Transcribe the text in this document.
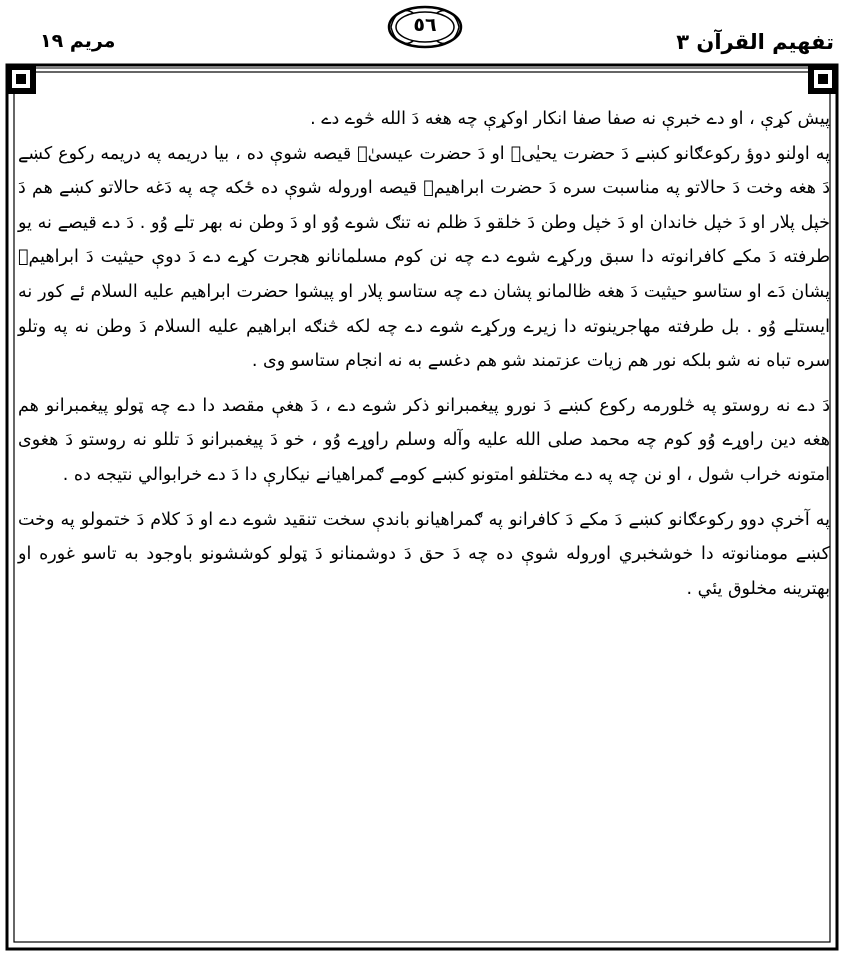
مریم ١٩
٥٦
تفهيم القرآن ٣

پیش کړې ، او دے خبرې نه صفا صفا انکار اوکړې چه هغه دَ الله څوے دے .

په اولنو دوؤ رکوعګانو کښے دَ حضرت یحیٰیؑ او دَ حضرت عیسیٰؑ قیصه شوې ده ، بیا دریمه په دریمه رکوع کښے دَ هغه وخت دَ حالاتو په مناسبت سره دَ حضرت ابراهیمؑ قیصه اوروله شوې ده ځکه چه په دَغه حالاتو کښے هم دَ خپل پلار او دَ خپل خاندان او دَ خپل وطن دَ خلقو دَ ظلم نه تنګ شوے وُو او دَ وطن نه بهر تلے وُو . دَ دے قیصے نه یو طرفته دَ مکے کافرانوته دا سبق ورکړے شوے دے چه نن کوم مسلمانانو هجرت کړے دے دَ دوې حیثیت دَ ابراهیمؑ پشان دَے او ستاسو حیثیت دَ هغه ظالمانو پشان دے چه ستاسو پلار او پیشوا حضرت ابراهیم علیه السلام ئے کور نه ایستلے وُو . بل طرفته مهاجرینوته دا زیرے ورکړے شوے دے چه لکه څنګه ابراهیم علیه السلام دَ وطن نه په وتلو سره تباه نه شو بلکه نور هم زیات عزتمند شو هم دغسے به نه انجام ستاسو وی .

دَ دے نه روستو په څلورمه رکوع کښے دَ نورو پیغمبرانو ذکر شوے دے ، دَ هغې مقصد دا دے چه ټولو پیغمبرانو هم هغه دین راوړے وُو کوم چه محمد صلی الله علیه وآله وسلم راوړے وُو ، خو دَ پیغمبرانو دَ تللو نه روستو دَ هغوی امتونه خراب شول ، او نن چه په دے مختلفو امتونو کښے کومے ګمراهیانے نیکارې دا دَ دے خرابوالي نتیجه ده .

په آخرې دوو رکوعګانو کښے دَ مکے دَ کافرانو په ګمراهیانو باندې سخت تنقید شوے دے او دَ کلام دَ ختمولو په وخت کښے مومنانوته دا خوشخبري اوروله شوې ده چه دَ حق دَ دوشمنانو دَ ټولو کوششونو باوجود به تاسو غوره او بهترینه مخلوق یئي .
